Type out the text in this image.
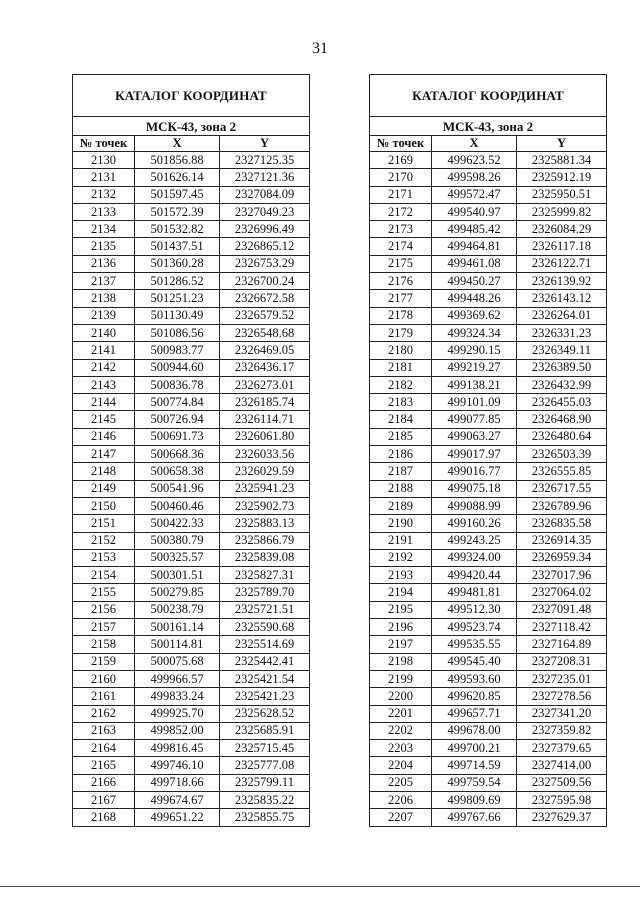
31
КАТАЛОГ КООРДИНАТ		
МСК-43, зона 2		
№ точек	X	Y
2130	501856.88	2327125.35
2131	501626.14	2327121.36
2132	501597.45	2327084.09
2133	501572.39	2327049.23
2134	501532.82	2326996.49
2135	501437.51	2326865.12
2136	501360.28	2326753.29
2137	501286.52	2326700.24
2138	501251.23	2326672.58
2139	501130.49	2326579.52
2140	501086.56	2326548.68
2141	500983.77	2326469.05
2142	500944.60	2326436.17
2143	500836.78	2326273.01
2144	500774.84	2326185.74
2145	500726.94	2326114.71
2146	500691.73	2326061.80
2147	500668.36	2326033.56
2148	500658.38	2326029.59
2149	500541.96	2325941.23
2150	500460.46	2325902.73
2151	500422.33	2325883.13
2152	500380.79	2325866.79
2153	500325.57	2325839.08
2154	500301.51	2325827.31
2155	500279.85	2325789.70
2156	500238.79	2325721.51
2157	500161.14	2325590.68
2158	500114.81	2325514.69
2159	500075.68	2325442.41
2160	499966.57	2325421.54
2161	499833.24	2325421.23
2162	499925.70	2325628.52
2163	499852.00	2325685.91
2164	499816.45	2325715.45
2165	499746.10	2325777.08
2166	499718.66	2325799.11
2167	499674.67	2325835.22
2168	499651.22	2325855.75
КАТАЛОГ КООРДИНАТ		
МСК-43, зона 2		
№ точек	X	Y
2169	499623.52	2325881.34
2170	499598.26	2325912.19
2171	499572.47	2325950.51
2172	499540.97	2325999.82
2173	499485.42	2326084.29
2174	499464.81	2326117.18
2175	499461.08	2326122.71
2176	499450.27	2326139.92
2177	499448.26	2326143.12
2178	499369.62	2326264.01
2179	499324.34	2326331.23
2180	499290.15	2326349.11
2181	499219.27	2326389.50
2182	499138.21	2326432.99
2183	499101.09	2326455.03
2184	499077.85	2326468.90
2185	499063.27	2326480.64
2186	499017.97	2326503.39
2187	499016.77	2326555.85
2188	499075.18	2326717.55
2189	499088.99	2326789.96
2190	499160.26	2326835.58
2191	499243.25	2326914.35
2192	499324.00	2326959.34
2193	499420.44	2327017.96
2194	499481.81	2327064.02
2195	499512.30	2327091.48
2196	499523.74	2327118.42
2197	499535.55	2327164.89
2198	499545.40	2327208.31
2199	499593.60	2327235.01
2200	499620.85	2327278.56
2201	499657.71	2327341.20
2202	499678.00	2327359.82
2203	499700.21	2327379.65
2204	499714.59	2327414.00
2205	499759.54	2327509.56
2206	499809.69	2327595.98
2207	499767.66	2327629.37
